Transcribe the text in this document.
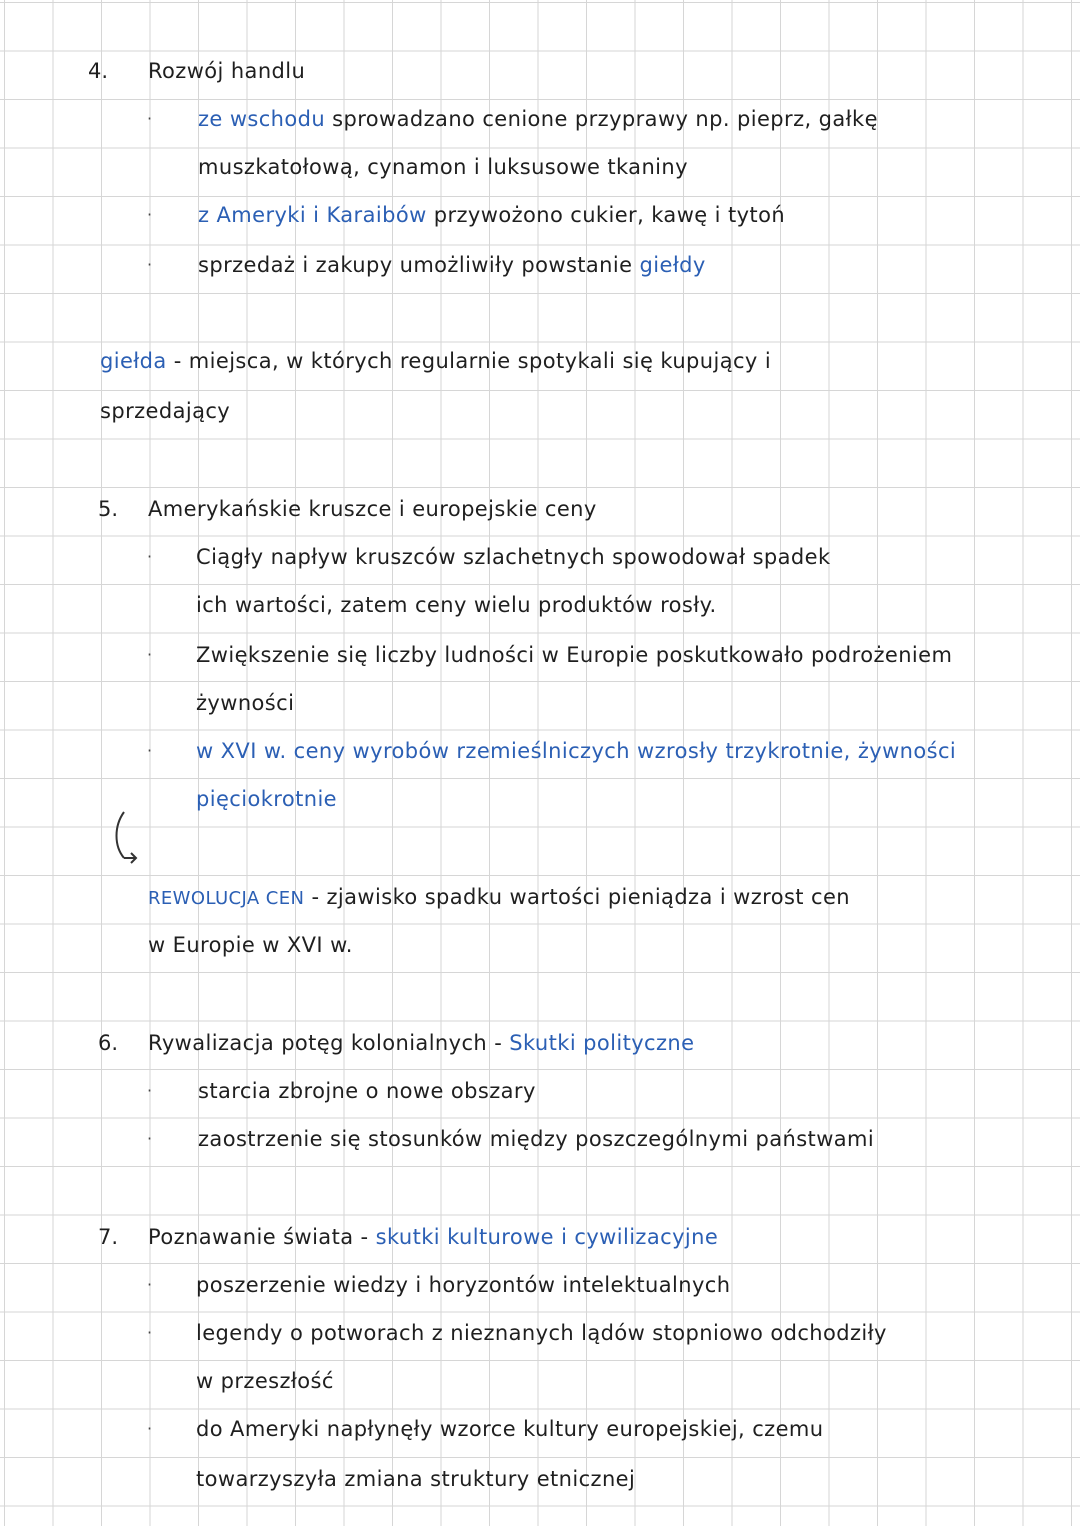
4. Rozwój handlu
· ze wschodu sprowadzano cenione przyprawy np. pieprz, gałkę
muszkatołową, cynamon i luksusowe tkaniny
· z Ameryki i Karaibów przywożono cukier, kawę i tytoń
· sprzedaż i zakupy umożliwiły powstanie giełdy
giełda - miejsca, w których regularnie spotykali się kupujący i
sprzedający
5. Amerykańskie kruszce i europejskie ceny
· Ciągły napływ kruszców szlachetnych spowodował spadek
ich wartości, zatem ceny wielu produktów rosły.
· Zwiększenie się liczby ludności w Europie poskutkowało podrożeniem
żywności
· w XVI w. ceny wyrobów rzemieślniczych wzrosły trzykrotnie, żywności
pięciokrotnie
REWOLUCJA CEN - zjawisko spadku wartości pieniądza i wzrost cen
w Europie w XVI w.
6. Rywalizacja potęg kolonialnych - Skutki polityczne
· starcia zbrojne o nowe obszary
· zaostrzenie się stosunków między poszczególnymi państwami
7. Poznawanie świata - skutki kulturowe i cywilizacyjne
· poszerzenie wiedzy i horyzontów intelektualnych
· legendy o potworach z nieznanych lądów stopniowo odchodziły
w przeszłość
· do Ameryki napłynęły wzorce kultury europejskiej, czemu
towarzyszyła zmiana struktury etnicznej
